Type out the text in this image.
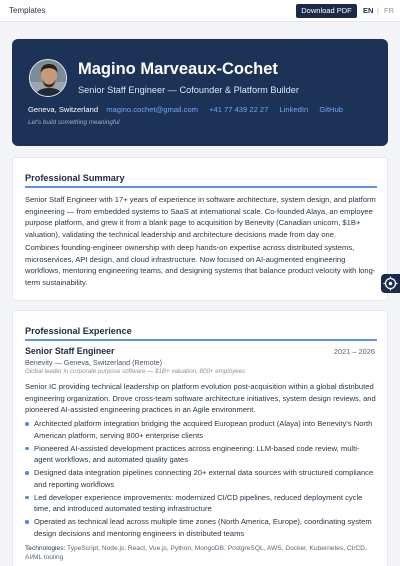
Templates	Download PDF	EN | FR
Magino Marveaux-Cochet
Senior Staff Engineer — Cofounder & Platform Builder
Geneva, Switzerland magino.cochet@gmail.com +41 77 439 22 27 LinkedIn GitHub
Let's build something meaningful
Professional Summary

Senior Staff Engineer with 17+ years of experience in software architecture, system design, and platform engineering — from embedded systems to SaaS at international scale. Co-founded Alaya, an employee purpose platform, and grew it from a blank page to acquisition by Benevity (Canadian unicorn, $1B+ valuation), validating the technical leadership and architecture decisions made from day one.

Combines founding-engineer ownership with deep hands-on expertise across distributed systems, microservices, API design, and cloud infrastructure. Now focused on AI-augmented engineering workflows, mentoring engineering teams, and designing systems that balance product velocity with long-term sustainability.

Professional Experience
Senior Staff Engineer	2021 – 2026
Benevity — Geneva, Switzerland (Remote)
Global leader in corporate purpose software — $1B+ valuation, 800+ employees

Senior IC providing technical leadership on platform evolution post-acquisition within a global distributed engineering organization. Drove cross-team software architecture initiatives, system design reviews, and pioneered AI-assisted engineering practices in an Agile environment.

Architected platform integration bridging the acquired European product (Alaya) into Benevity's North American platform, serving 800+ enterprise clients
Pioneered AI-assisted development practices across engineering: LLM-based code review, multi-agent workflows, and automated quality gates
Designed data integration pipelines connecting 20+ external data sources with structured compliance and reporting workflows
Led developer experience improvements: modernized CI/CD pipelines, reduced deployment cycle time, and introduced automated testing infrastructure
Operated as technical lead across multiple time zones (North America, Europe), coordinating system design decisions and mentoring engineers in distributed teams
Technologies: TypeScript, Node.js, React, Vue.js, Python, MongoDB, PostgreSQL, AWS, Docker, Kubernetes, CI/CD, AI/ML tooling
